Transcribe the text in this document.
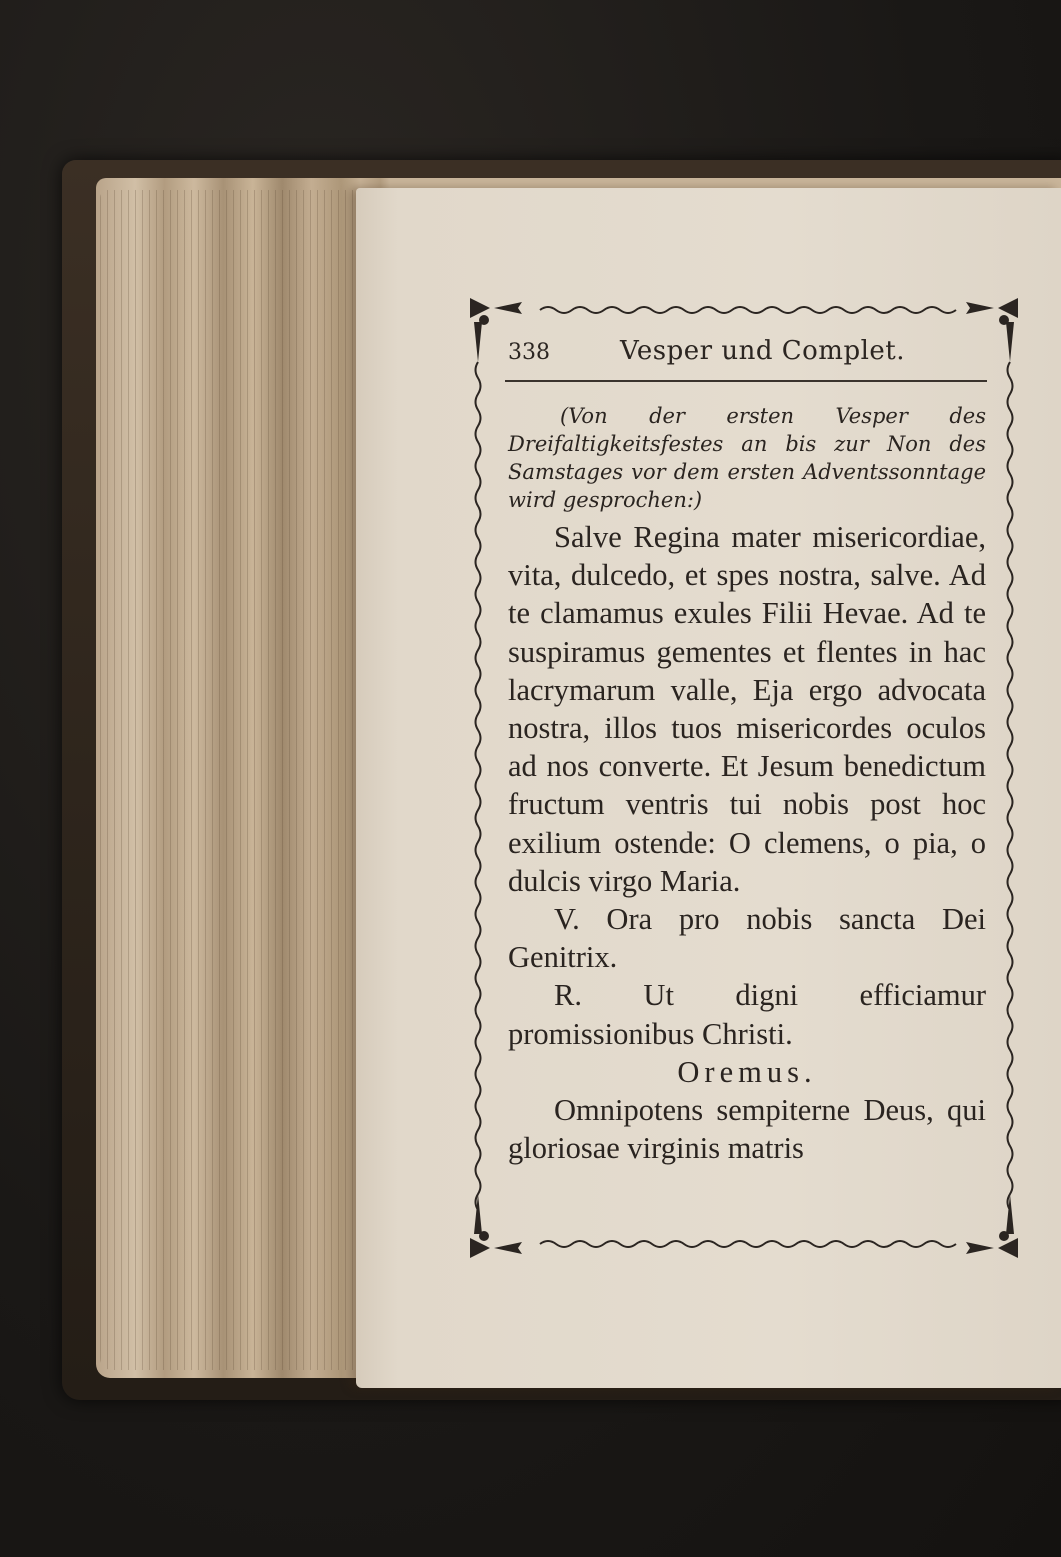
338	Vesper und Complet.

(Von der ersten Vesper des Dreifaltigkeitsfestes an bis zur Non des Samstages vor dem ersten Adventssonntage wird gesprochen:)

Salve Regina mater misericordiae, vita, dulcedo, et spes nostra, salve. Ad te clamamus exules Filii Hevae. Ad te suspiramus gementes et flentes in hac lacrymarum valle, Eja ergo advocata nostra, illos tuos misericordes oculos ad nos converte. Et Jesum benedictum fructum ventris tui nobis post hoc exilium ostende: O clemens, o pia, o dulcis virgo Maria.

V. Ora pro nobis sancta Dei Genitrix.

R. Ut digni efficiamur promissionibus Christi.

Oremus.

Omnipotens sempiterne Deus, qui gloriosae virginis matris
